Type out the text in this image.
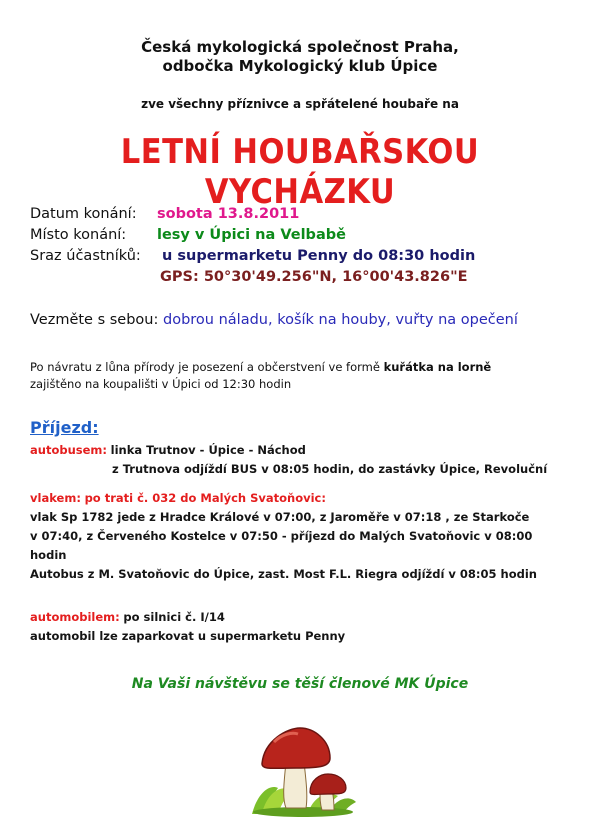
Česká mykologická společnost Praha,
odbočka Mykologický klub Úpice
zve všechny příznivce a spřátelené houbaře na
LETNÍ HOUBAŘSKOU VYCHÁZKU
Datum konání: sobota 13.8.2011
Místo konání: lesy v Úpici na Velbabě
Sraz účastníků: u supermarketu Penny do 08:30 hodin
GPS: 50°30'49.256"N, 16°00'43.826"E
Vezměte s sebou: dobrou náladu, košík na houby, vuřty na opečení
Po návratu z lůna přírody je posezení a občerstvení ve formě kuřátka na lorně
zajištěno na koupališti v Úpici od 12:30 hodin
Příjezd:
autobusem: linka Trutnov - Úpice - Náchod
z Trutnova odjíždí BUS v 08:05 hodin, do zastávky Úpice, Revoluční
vlakem: po trati č. 032 do Malých Svatoňovic:
vlak Sp 1782 jede z Hradce Králové v 07:00, z Jaroměře v 07:18 , ze Starkoče
v 07:40, z Červeného Kostelce v 07:50 - příjezd do Malých Svatoňovic v 08:00
hodin
Autobus z M. Svatoňovic do Úpice, zast. Most F.L. Riegra odjíždí v 08:05 hodin
automobilem: po silnici č. I/14
automobil lze zaparkovat u supermarketu Penny
Na Vaši návštěvu se těší členové MK Úpice
